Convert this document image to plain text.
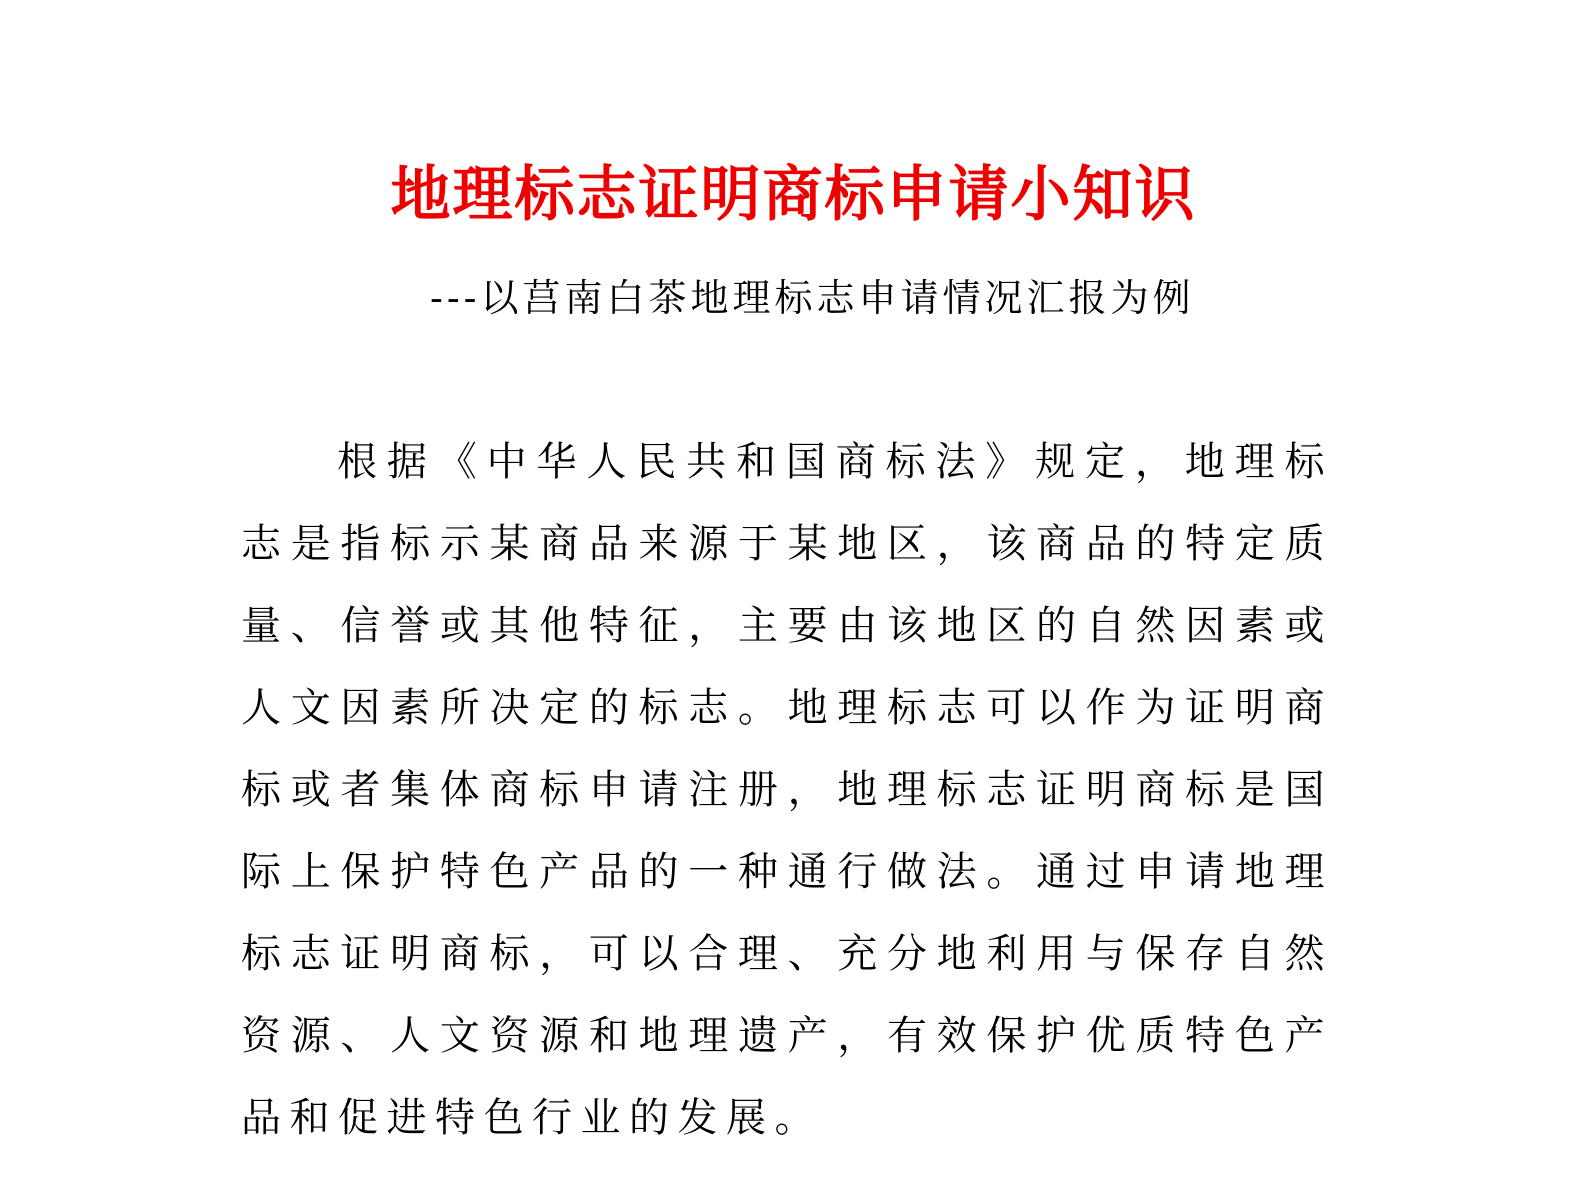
地理标志证明商标申请小知识
---以莒南白茶地理标志申请情况汇报为例

根据《中华人民共和国商标法》规定，地理标志是指标示某商品来源于某地区，该商品的特定质量、信誉或其他特征，主要由该地区的自然因素或人文因素所决定的标志。地理标志可以作为证明商标或者集体商标申请注册，地理标志证明商标是国际上保护特色产品的一种通行做法。通过申请地理标志证明商标，可以合理、充分地利用与保存自然资源、人文资源和地理遗产，有效保护优质特色产品和促进特色行业的发展。
